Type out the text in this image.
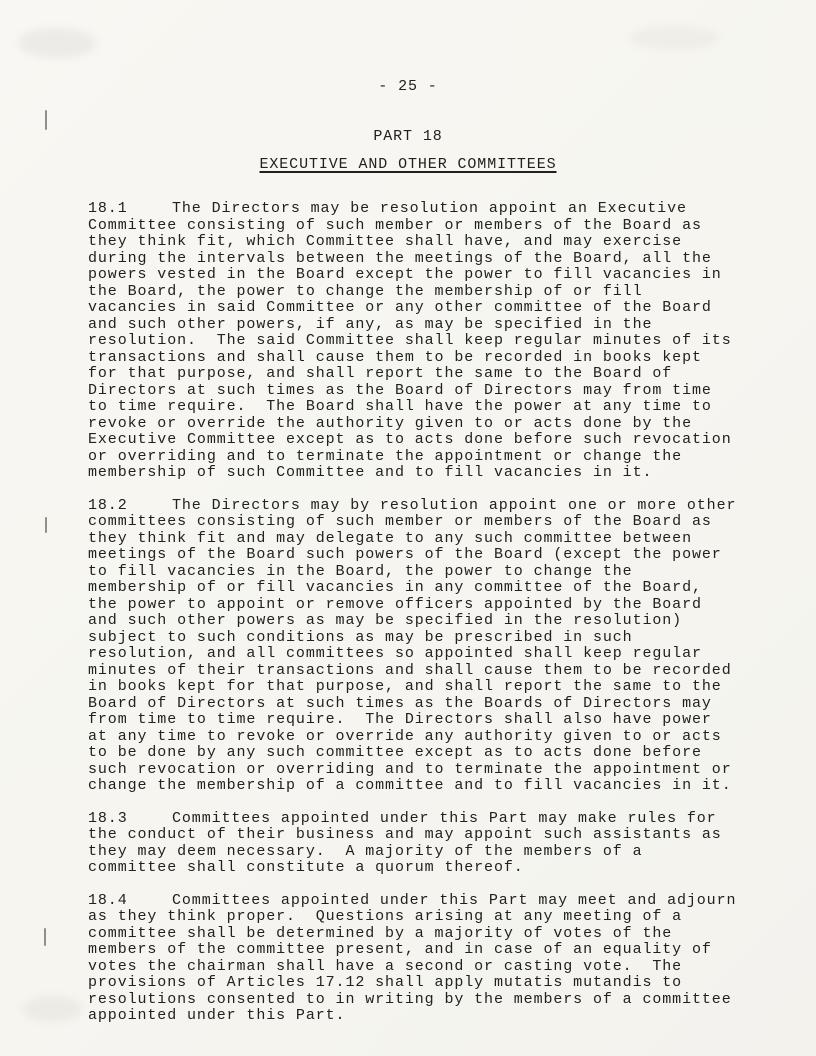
- 25 -
PART 18
EXECUTIVE AND OTHER COMMITTEES

18.1	The Directors may be resolution appoint an Executive Committee consisting of such member or members of the Board as they think fit, which Committee shall have, and may exercise during the intervals between the meetings of the Board, all the powers vested in the Board except the power to fill vacancies in the Board, the power to change the membership of or fill vacancies in said Committee or any other committee of the Board and such other powers, if any, as may be specified in the resolution.  The said Committee shall keep regular minutes of its transactions and shall cause them to be recorded in books kept for that purpose, and shall report the same to the Board of Directors at such times as the Board of Directors may from time to time require.  The Board shall have the power at any time to revoke or override the authority given to or acts done by the Executive Committee except as to acts done before such revocation or overriding and to terminate the appointment or change the membership of such Committee and to fill vacancies in it.

18.2	The Directors may by resolution appoint one or more other committees consisting of such member or members of the Board as they think fit and may delegate to any such committee between meetings of the Board such powers of the Board (except the power to fill vacancies in the Board, the power to change the membership of or fill vacancies in any committee of the Board, the power to appoint or remove officers appointed by the Board and such other powers as may be specified in the resolution) subject to such conditions as may be prescribed in such resolution, and all committees so appointed shall keep regular minutes of their transactions and shall cause them to be recorded in books kept for that purpose, and shall report the same to the Board of Directors at such times as the Boards of Directors may from time to time require.  The Directors shall also have power at any time to revoke or override any authority given to or acts to be done by any such committee except as to acts done before such revocation or overriding and to terminate the appointment or change the membership of a committee and to fill vacancies in it.

18.3	Committees appointed under this Part may make rules for the conduct of their business and may appoint such assistants as they may deem necessary.  A majority of the members of a committee shall constitute a quorum thereof.

18.4	Committees appointed under this Part may meet and adjourn as they think proper.  Questions arising at any meeting of a committee shall be determined by a majority of votes of the members of the committee present, and in case of an equality of votes the chairman shall have a second or casting vote.  The provisions of Articles 17.12 shall apply mutatis mutandis to resolutions consented to in writing by the members of a committee appointed under this Part.
